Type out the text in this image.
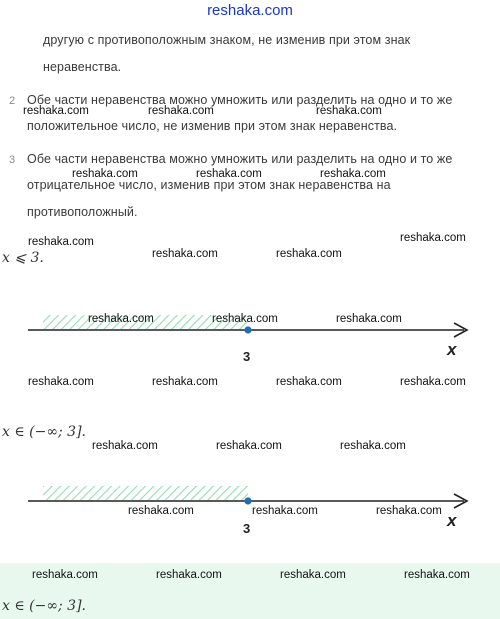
reshaka.com
другую с противоположным знаком, не изменив при этом знак
неравенства.
2 Обе части неравенства можно умножить или разделить на одно и то же
положительное число, не изменив при этом знак неравенства.
3 Обе части неравенства можно умножить или разделить на одно и то же
отрицательное число, изменив при этом знак неравенства на
противоположный.
x ⩽ 3.
3	x
x ∈ (−∞; 3].
3	x
x ∈ (−∞; 3].
reshaka.com	reshaka.com	reshaka.com
reshaka.com	reshaka.com	reshaka.com
reshaka.com	reshaka.com
reshaka.com	reshaka.com
reshaka.com	reshaka.com	reshaka.com
reshaka.com	reshaka.com	reshaka.com	reshaka.com
reshaka.com	reshaka.com	reshaka.com
reshaka.com	reshaka.com	reshaka.com
reshaka.com	reshaka.com	reshaka.com	reshaka.com
